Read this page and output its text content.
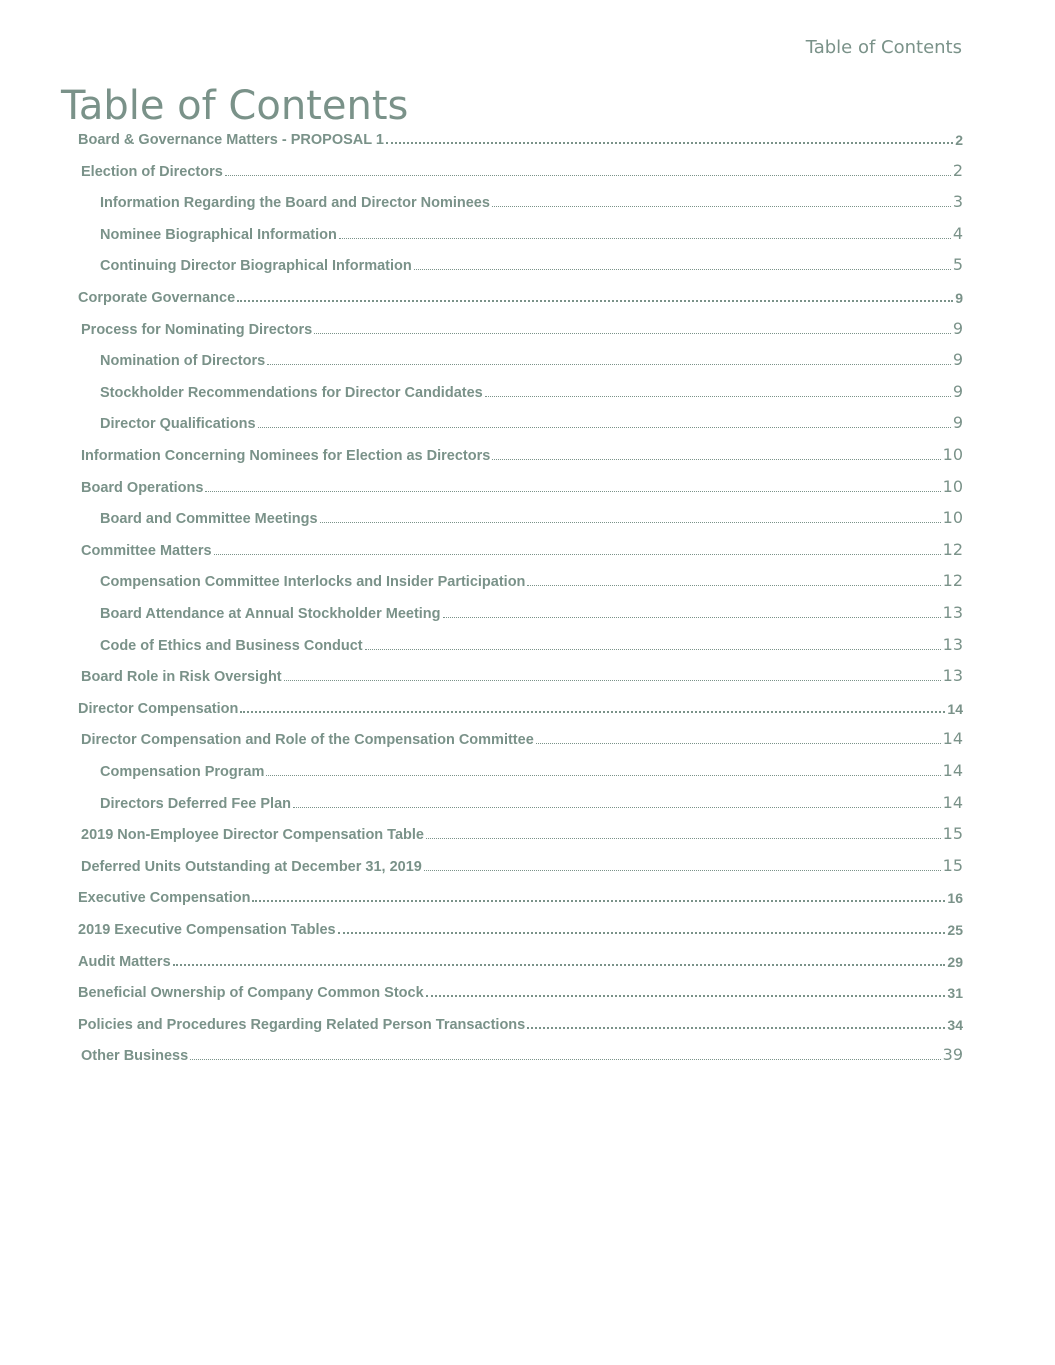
Table of Contents
Table of Contents
Board & Governance Matters - PROPOSAL 1	2
Election of Directors	2
Information Regarding the Board and Director Nominees	3
Nominee Biographical Information	4
Continuing Director Biographical Information	5
Corporate Governance	9
Process for Nominating Directors	9
Nomination of Directors	9
Stockholder Recommendations for Director Candidates	9
Director Qualifications	9
Information Concerning Nominees for Election as Directors	10
Board Operations	10
Board and Committee Meetings	10
Committee Matters	12
Compensation Committee Interlocks and Insider Participation	12
Board Attendance at Annual Stockholder Meeting	13
Code of Ethics and Business Conduct	13
Board Role in Risk Oversight	13
Director Compensation	14
Director Compensation and Role of the Compensation Committee	14
Compensation Program	14
Directors Deferred Fee Plan	14
2019 Non-Employee Director Compensation Table	15
Deferred Units Outstanding at December 31, 2019	15
Executive Compensation	16
2019 Executive Compensation Tables	25
Audit Matters	29
Beneficial Ownership of Company Common Stock	31
Policies and Procedures Regarding Related Person Transactions	34
Other Business	39
